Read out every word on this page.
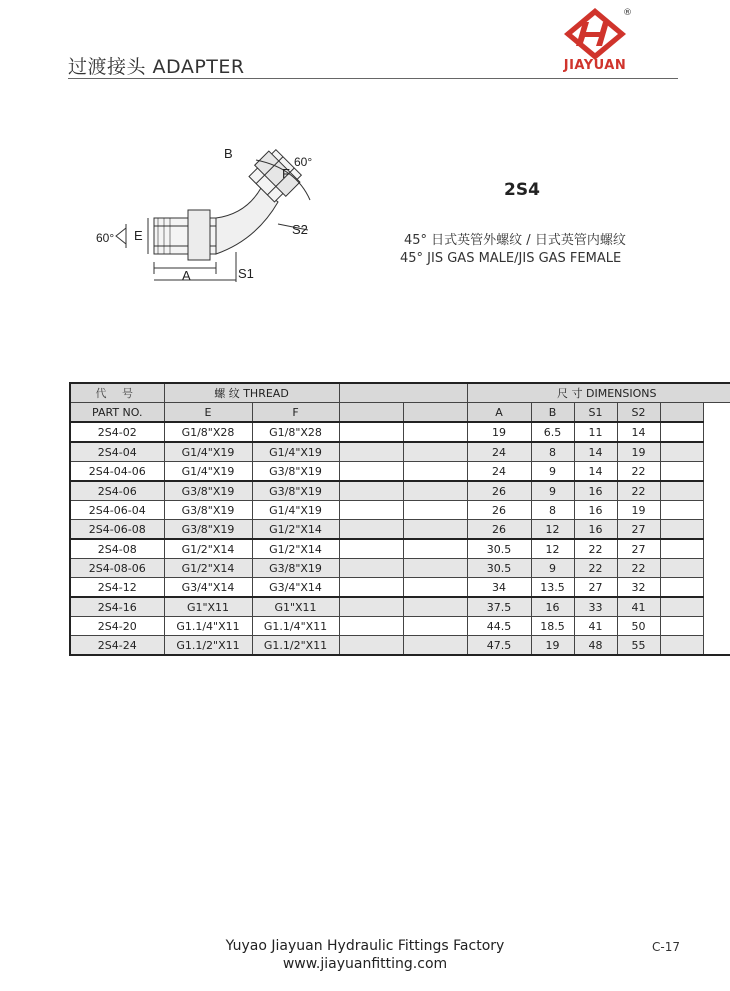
过渡接头 ADAPTER
®
JIAYUAN
B
F
60°
60° E	S2
A	S1
2S4
45° 日式英管外螺纹 / 日式英管内螺纹
45° JIS GAS MALE/JIS GAS FEMALE
代 号	螺 纹 THREAD				尺 寸 DIMENSIONS				
PART NO.	E	F			A	B	S1	S2	
2S4-02	G1/8"X28	G1/8"X28			19	6.5	11	14	
2S4-04	G1/4"X19	G1/4"X19			24	8	14	19	
2S4-04-06	G1/4"X19	G3/8"X19			24	9	14	22	
2S4-06	G3/8"X19	G3/8"X19			26	9	16	22	
2S4-06-04	G3/8"X19	G1/4"X19			26	8	16	19	
2S4-06-08	G3/8"X19	G1/2"X14			26	12	16	27	
2S4-08	G1/2"X14	G1/2"X14			30.5	12	22	27	
2S4-08-06	G1/2"X14	G3/8"X19			30.5	9	22	22	
2S4-12	G3/4"X14	G3/4"X14			34	13.5	27	32	
2S4-16	G1"X11	G1"X11			37.5	16	33	41	
2S4-20	G1.1/4"X11	G1.1/4"X11			44.5	18.5	41	50	
2S4-24	G1.1/2"X11	G1.1/2"X11			47.5	19	48	55	
Yuyao Jiayuan Hydraulic Fittings Factory
www.jiayuanfitting.com
C-17
